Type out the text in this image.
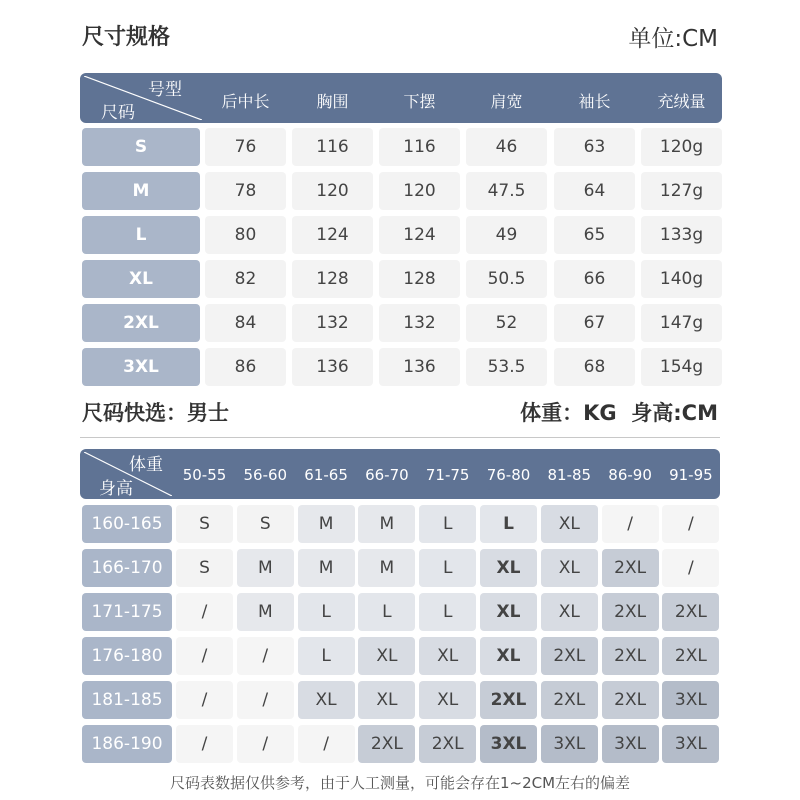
尺寸规格	单位:CM
号型
尺码
后中长	胸围	下摆	肩宽	袖长	充绒量
S	76	116	116	46	63	120g
M	78	120	120	47.5	64	127g
L	80	124	124	49	65	133g
XL	82	128	128	50.5	66	140g
2XL	84	132	132	52	67	147g
3XL	86	136	136	53.5	68	154g
尺码快选：男士	体重：KG  身高:CM
体重
身高
50-55	56-60	61-65	66-70	71-75	76-80	81-85	86-90	91-95
160-165	S	S	M	M	L	L	XL	/	/
166-170	S	M	M	M	L	XL	XL	2XL	/
171-175	/	M	L	L	L	XL	XL	2XL	2XL
176-180	/	/	L	XL	XL	XL	2XL	2XL	2XL
181-185	/	/	XL	XL	XL	2XL	2XL	2XL	3XL
186-190	/	/	/	2XL	2XL	3XL	3XL	3XL	3XL
尺码表数据仅供参考，由于人工测量，可能会存在1~2CM左右的偏差
